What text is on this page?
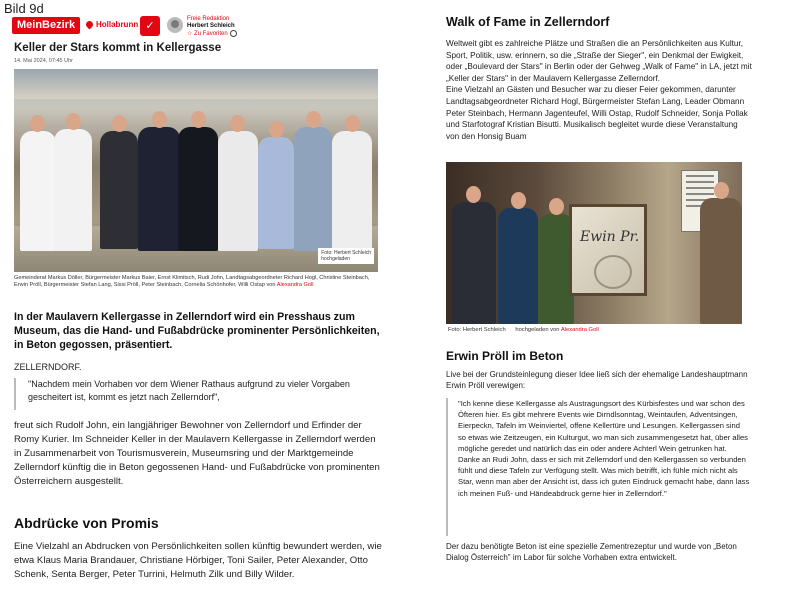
Bild 9d
MeinBezirk	Hollabrunn ✓
Freie Redaktion
Herbert Schleich
☆ Zu Favoriten
Keller der Stars kommt in Kellergasse
14. Mai 2024, 07:45 Uhr
Foto: Herbert Schleich
hochgeladen
Gemeinderat Markus Döller, Bürgermeister Markus Baier, Ernst Klimitsch, Rudi John, Landtagsabgeordneter Richard Hogl, Christine Steinbach, Erwin Pröll, Bürgermeister Stefan Lang, Sissi Pröll, Peter Steinbach, Cornelia Schönhofer, Willi Ostap von Alexandra Goll
In der Maulavern Kellergasse in Zellerndorf wird ein Presshaus zum Museum, das die Hand- und Fußabdrücke prominenter Persönlichkeiten, in Beton gegossen, präsentiert.
ZELLERNDORF.
"Nachdem mein Vorhaben vor dem Wiener Rathaus aufgrund zu vieler Vorgaben gescheitert ist, kommt es jetzt nach Zellerndorf",
freut sich Rudolf John, ein langjähriger Bewohner von Zellerndorf und Erfinder der Romy Kurier. Im Schneider Keller in der Maulavern Kellergasse in Zellerndorf werden in Zusammenarbeit von Tourismusverein, Museumsring und der Marktgemeinde Zellerndorf künftig die in Beton gegossenen Hand- und Fußabdrücke von prominenten Österreichern ausgestellt.
Abdrücke von Promis
Eine Vielzahl an Abdrucken von Persönlichkeiten sollen künftig bewundert werden, wie etwa Klaus Maria Brandauer, Christiane Hörbiger, Toni Sailer, Peter Alexander, Otto Schenk, Senta Berger, Peter Turrini, Helmuth Zilk und Billy Wilder.
Walk of Fame in Zellerndorf
Weltweit gibt es zahlreiche Plätze und Straßen die an Persönlichkeiten aus Kultur, Sport, Politik, usw. erinnern, so die „Straße der Sieger", ein Denkmal der Ewigkeit, oder „Boulevard der Stars" in Berlin oder der Gehweg „Walk of Fame" in LA, jetzt mit „Keller der Stars" in der Maulavern Kellergasse Zellerndorf.
Eine Vielzahl an Gästen und Besucher war zu dieser Feier gekommen, darunter Landtagsabgeordneter Richard Hogl, Bürgermeister Stefan Lang, Leader Obmann Peter Steinbach, Hermann Jagenteufel, Willi Ostap, Rudolf Schneider, Sonja Pollak und Starfotograf Kristian Bisutti. Musikalisch begleitet wurde diese Veranstaltung von den Honsig Buam
Ewin Pr.
Foto: Herbert Schleich hochgeladen von Alexandra Goll
Erwin Pröll im Beton
Live bei der Grundsteinlegung dieser Idee ließ sich der ehemalige Landeshauptmann Erwin Pröll verewigen:
"Ich kenne diese Kellergasse als Austragungsort des Kürbisfestes und war schon des Öfteren hier. Es gibt mehrere Events wie Dirndlsonntag, Weintaufen, Adventsingen, Eierpeckn, Tafeln im Weinviertel, offene Kellertüre und Lesungen. Kellergassen sind so etwas wie Zeitzeugen, ein Kulturgut, wo man sich zusammengesetzt hat, über alles mögliche geredet und natürlich das ein oder andere Achterl Wein getrunken hat. Danke an Rudi John, dass er sich mit Zellerndorf und den Kellergassen so verbunden fühlt und diese Tafeln zur Verfügung stellt. Was mich betrifft, ich fühle mich nicht als Star, wenn man aber der Ansicht ist, dass ich guten Eindruck gemacht habe, dann lass ich meinen Fuß- und Händeabdruck gerne hier in Zellerndorf."
Der dazu benötigte Beton ist eine spezielle Zementrezeptur und wurde von „Beton Dialog Österreich" im Labor für solche Vorhaben extra entwickelt.
